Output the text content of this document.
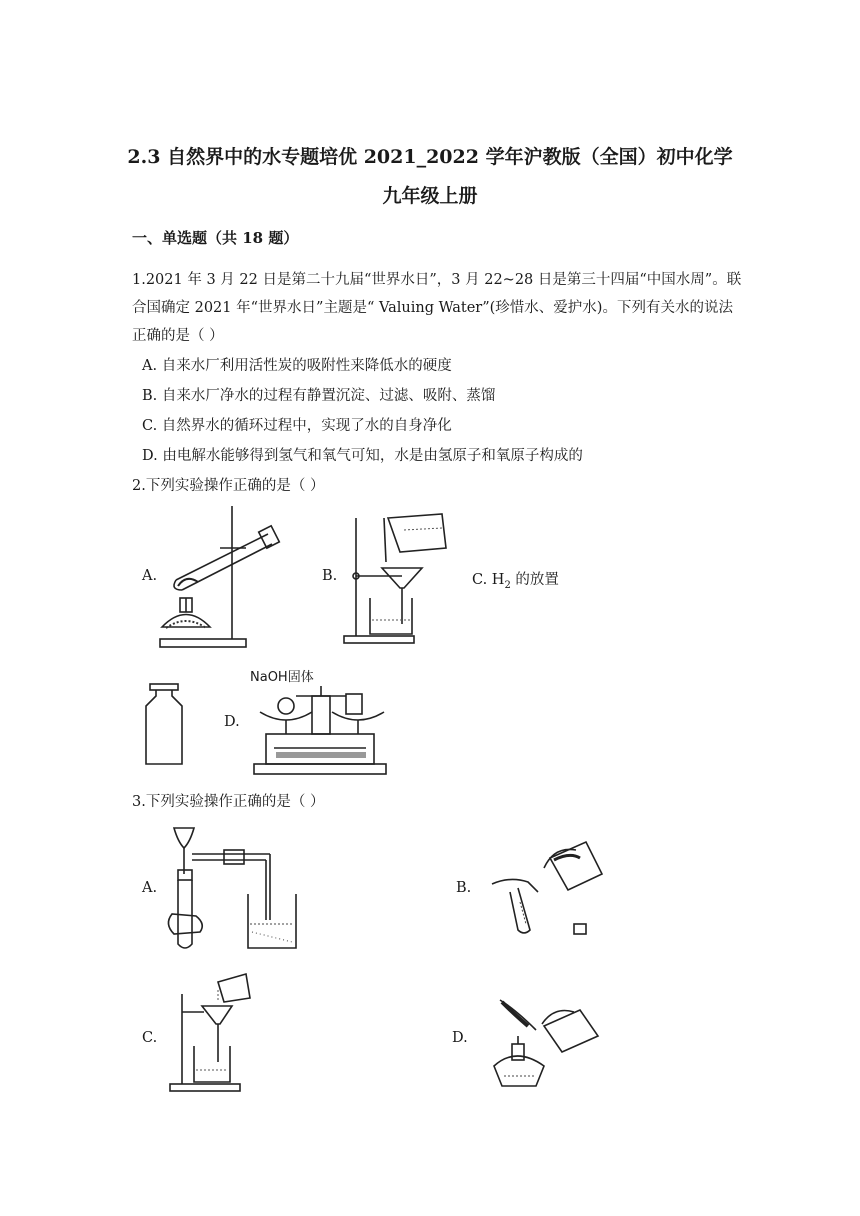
2.3 自然界中的水专题培优 2021_2022 学年沪教版（全国）初中化学
九年级上册
一、单选题（共 18 题）
1.2021 年 3 月 22 日是第二十九届“世界水日”，3 月 22~28 日是第三十四届“中国水周”。联
合国确定 2021 年“世界水日”主题是“ Valuing Water”(珍惜水、爱护水)。下列有关水的说法
正确的是（ ）
A. 自来水厂利用活性炭的吸附性来降低水的硬度
B. 自来水厂净水的过程有静置沉淀、过滤、吸附、蒸馏
C. 自然界水的循环过程中，实现了水的自身净化
D. 由电解水能够得到氢气和氧气可知，水是由氢原子和氧原子构成的
2.下列实验操作正确的是（ ）
A.	B.	C. $H_2$ 的放置
D.
NaOH固体
3.下列实验操作正确的是（ ）
A.	B.
C.	D.
